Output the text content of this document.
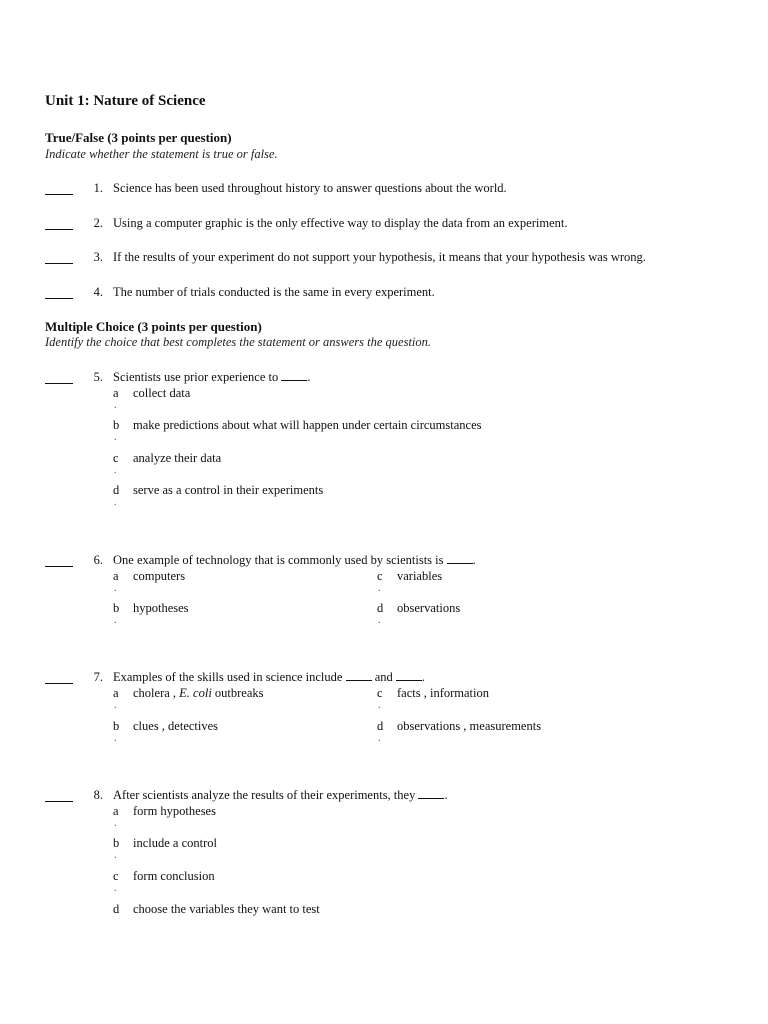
Unit 1: Nature of Science
True/False (3 points per question)
Indicate whether the statement is true or false.
1. Science has been used throughout history to answer questions about the world.
2. Using a computer graphic is the only effective way to display the data from an experiment.
3. If the results of your experiment do not support your hypothesis, it means that your hypothesis was wrong.
4. The number of trials conducted is the same in every experiment.
Multiple Choice (3 points per question)
Identify the choice that best completes the statement or answers the question.
5. Scientists use prior experience to .
a collect data
.
b make predictions about what will happen under certain circumstances
.
c analyze their data
.
d serve as a control in their experiments
.
6. One example of technology that is commonly used by scientists is .
a computers
.
b hypotheses
.
c variables
.
d observations
.
7. Examples of the skills used in science include	and .
a cholera , E. coli outbreaks
.
b clues , detectives
.
c facts , information
.
d observations , measurements
.
8. After scientists analyze the results of their experiments, they .
a form hypotheses
.
b include a control
.
c form conclusion
.
d choose the variables they want to test
